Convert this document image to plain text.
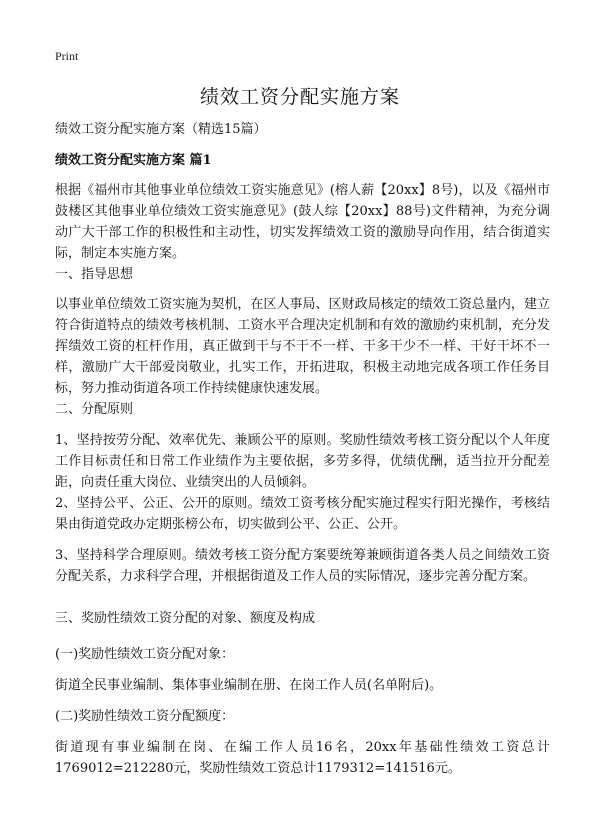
Print
绩效工资分配实施方案

绩效工资分配实施方案（精选15篇）

绩效工资分配实施方案 篇1

根据《福州市其他事业单位绩效工资实施意见》(榕人薪【20xx】8号)，以及《福州市鼓楼区其他事业单位绩效工资实施意见》(鼓人综【20xx】88号)文件精神，为充分调动广大干部工作的积极性和主动性，切实发挥绩效工资的激励导向作用，结合街道实际，制定本实施方案。

一、指导思想

以事业单位绩效工资实施为契机，在区人事局、区财政局核定的绩效工资总量内，建立符合街道特点的绩效考核机制、工资水平合理决定机制和有效的激励约束机制，充分发挥绩效工资的杠杆作用，真正做到干与不干不一样、干多干少不一样、干好干坏不一样，激励广大干部爱岗敬业，扎实工作，开拓进取，积极主动地完成各项工作任务目标，努力推动街道各项工作持续健康快速发展。

二、分配原则

1、坚持按劳分配、效率优先、兼顾公平的原则。奖励性绩效考核工资分配以个人年度工作目标责任和日常工作业绩作为主要依据，多劳多得，优绩优酬，适当拉开分配差距，向责任重大岗位、业绩突出的人员倾斜。

2、坚持公平、公正、公开的原则。绩效工资考核分配实施过程实行阳光操作，考核结果由街道党政办定期张榜公布，切实做到公平、公正、公开。

3、坚持科学合理原则。绩效考核工资分配方案要统筹兼顾街道各类人员之间绩效工资分配关系，力求科学合理，并根据街道及工作人员的实际情况，逐步完善分配方案。

三、奖励性绩效工资分配的对象、额度及构成

(一)奖励性绩效工资分配对象：

街道全民事业编制、集体事业编制在册、在岗工作人员(名单附后)。

(二)奖励性绩效工资分配额度：

街道现有事业编制在岗、在编工作人员16名，20xx年基础性绩效工资总计1769012=212280元，奖励性绩效工资总计1179312=141516元。
